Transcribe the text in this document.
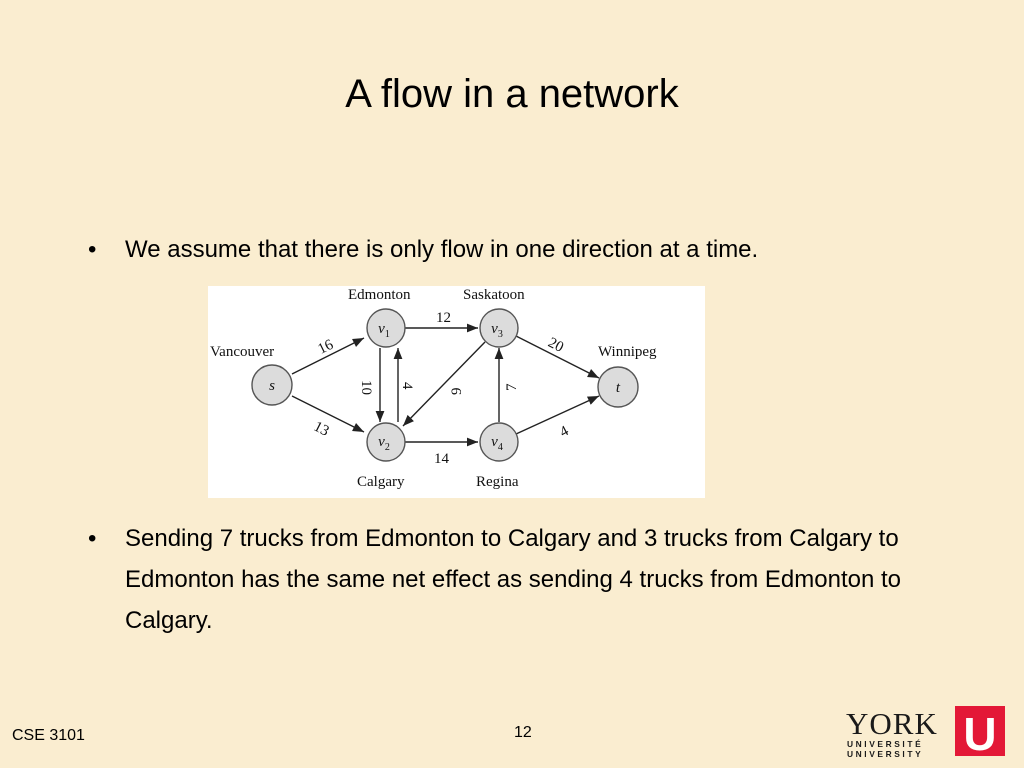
A flow in a network
• We assume that there is only flow in one direction at a time.
16
13
10 4
12
9
14
7
20
4
s
$v_1$
$v_2$
$v_3$
$v_4$
t
Vancouver
Edmonton	Saskatoon
Winnipeg
Calgary	Regina
• Sending 7 trucks from Edmonton to Calgary and 3 trucks from Calgary to Edmonton has the same net effect as sending 4 trucks from Edmonton to Calgary.
CSE 3101	12	YORK
UNIVERSITÉ
UNIVERSITY U
